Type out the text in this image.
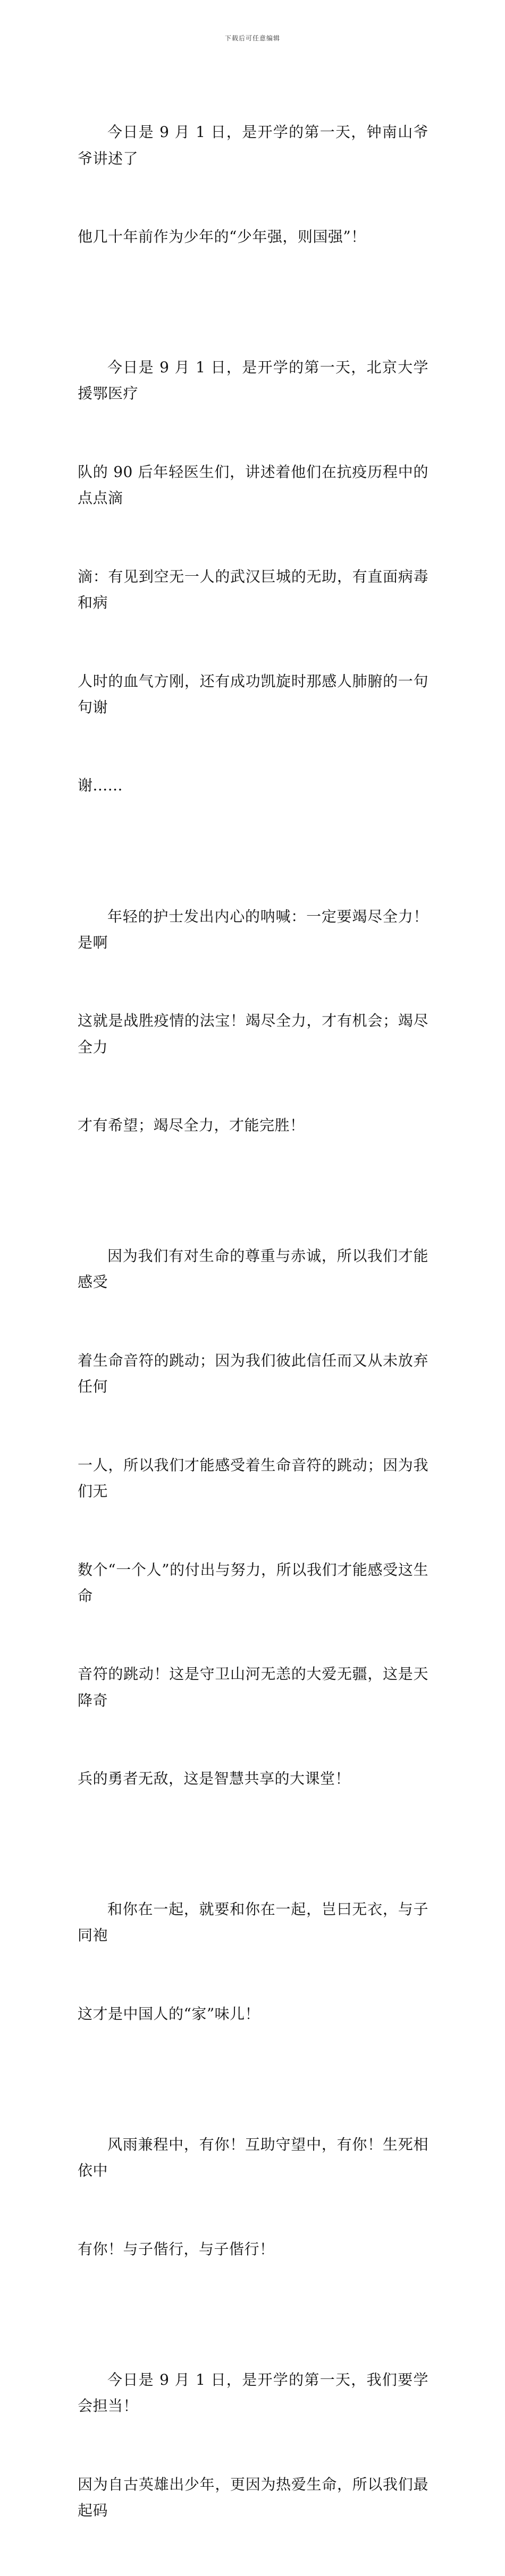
下载后可任意编辑

今日是 9 月 1 日，是开学的第一天，钟南山爷爷讲述了

他几十年前作为少年的“少年强，则国强”！

今日是 9 月 1 日，是开学的第一天，北京大学援鄂医疗

队的 90 后年轻医生们，讲述着他们在抗疫历程中的点点滴

滴：有见到空无一人的武汉巨城的无助，有直面病毒和病

人时的血气方刚，还有成功凯旋时那感人肺腑的一句句谢

谢......

年轻的护士发出内心的呐喊：一定要竭尽全力！是啊

这就是战胜疫情的法宝！竭尽全力，才有机会；竭尽全力

才有希望；竭尽全力，才能完胜！

因为我们有对生命的尊重与赤诚，所以我们才能感受

着生命音符的跳动；因为我们彼此信任而又从未放弃任何

一人，所以我们才能感受着生命音符的跳动；因为我们无

数个“一个人”的付出与努力，所以我们才能感受这生命

音符的跳动！这是守卫山河无恙的大爱无疆，这是天降奇

兵的勇者无敌，这是智慧共享的大课堂！

和你在一起，就要和你在一起，岂曰无衣，与子同袍

这才是中国人的“家”味儿！

风雨兼程中，有你！互助守望中，有你！生死相依中

有你！与子偕行，与子偕行！

今日是 9 月 1 日，是开学的第一天，我们要学会担当！

因为自古英雄出少年，更因为热爱生命，所以我们最起码
